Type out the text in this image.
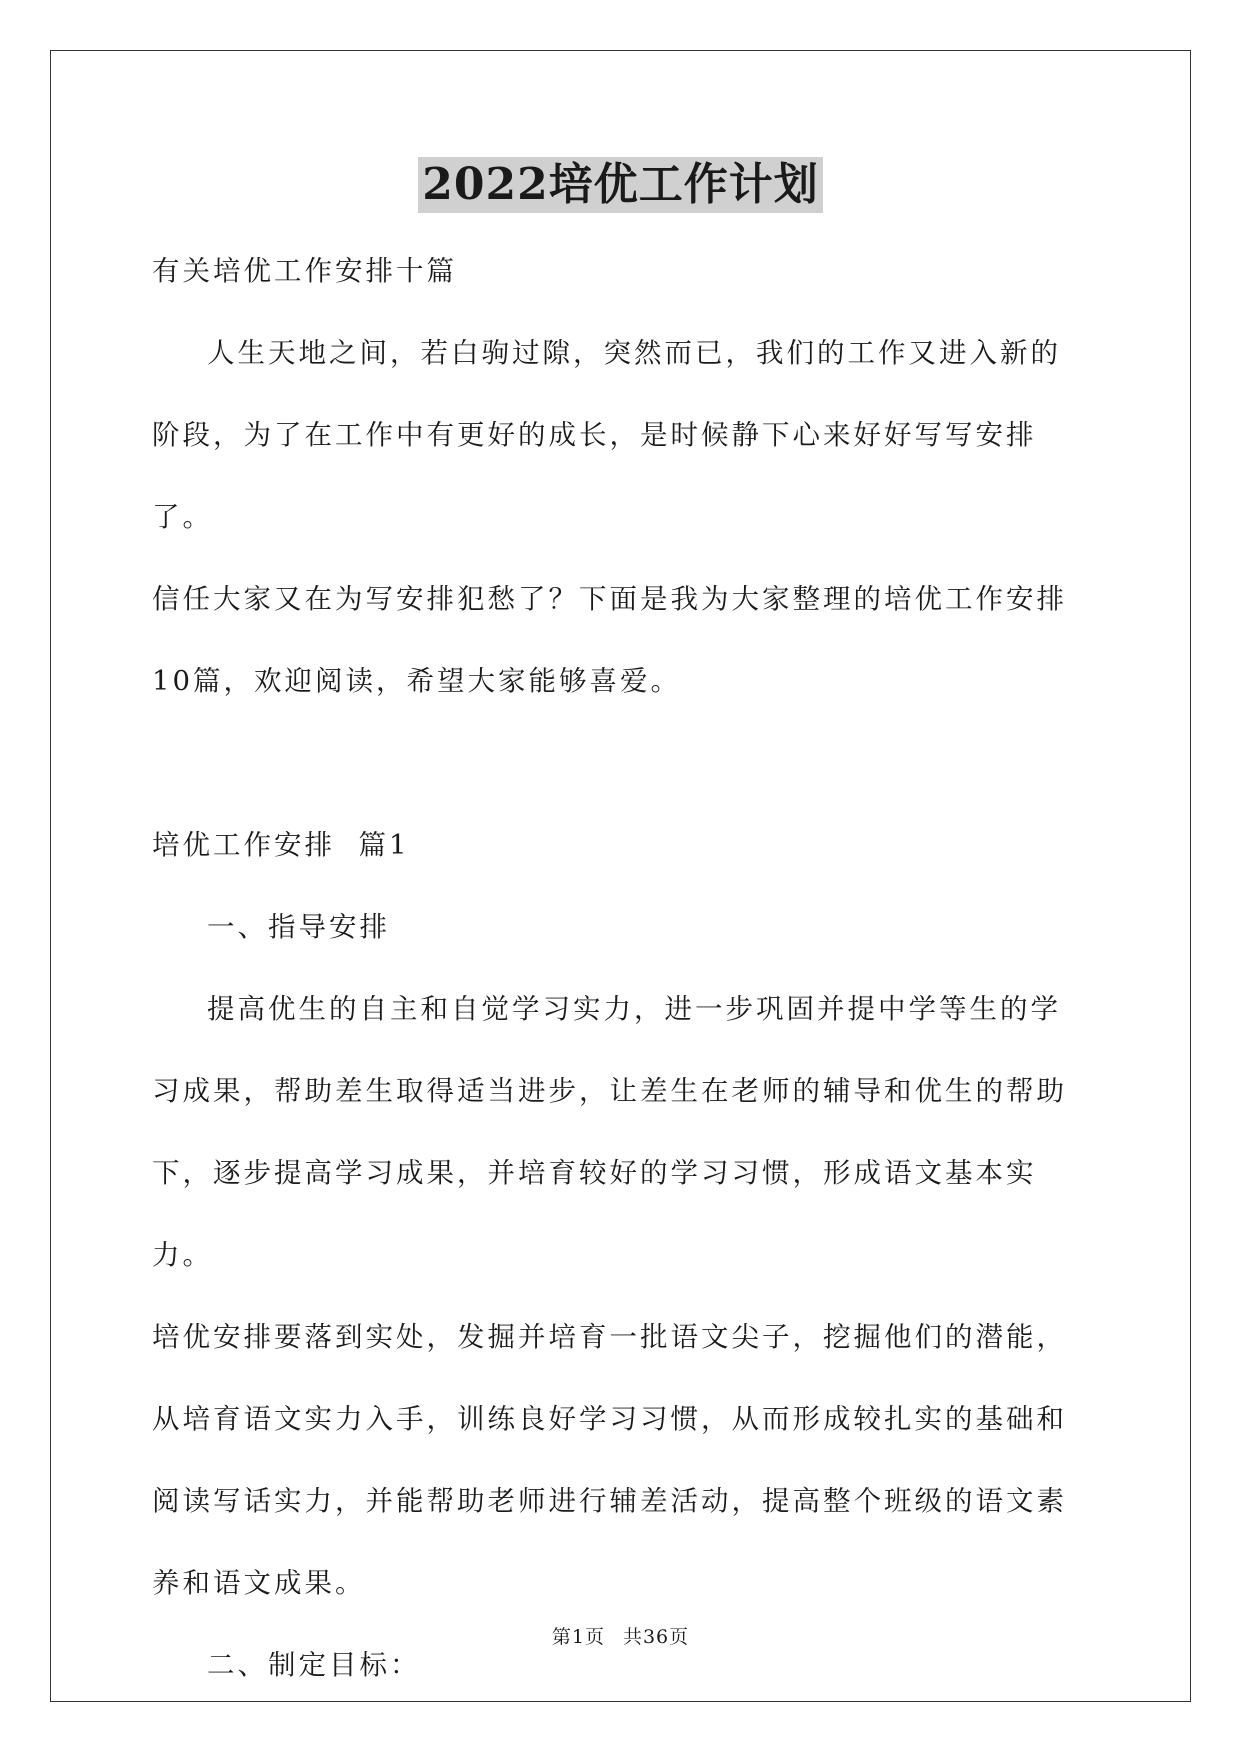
2022培优工作计划

有关培优工作安排十篇

人生天地之间，若白驹过隙，突然而已，我们的工作又进入新的

阶段，为了在工作中有更好的成长，是时候静下心来好好写写安排了。

信任大家又在为写安排犯愁了？下面是我为大家整理的培优工作安排

10篇，欢迎阅读，希望大家能够喜爱。

培优工作安排  篇1

一、指导安排

提高优生的自主和自觉学习实力，进一步巩固并提中学等生的学

习成果，帮助差生取得适当进步，让差生在老师的辅导和优生的帮助

下，逐步提高学习成果，并培育较好的学习习惯，形成语文基本实力。

培优安排要落到实处，发掘并培育一批语文尖子，挖掘他们的潜能，

从培育语文实力入手，训练良好学习习惯，从而形成较扎实的基础和

阅读写话实力，并能帮助老师进行辅差活动，提高整个班级的语文素

养和语文成果。

二、制定目标：

第1页 共36页
